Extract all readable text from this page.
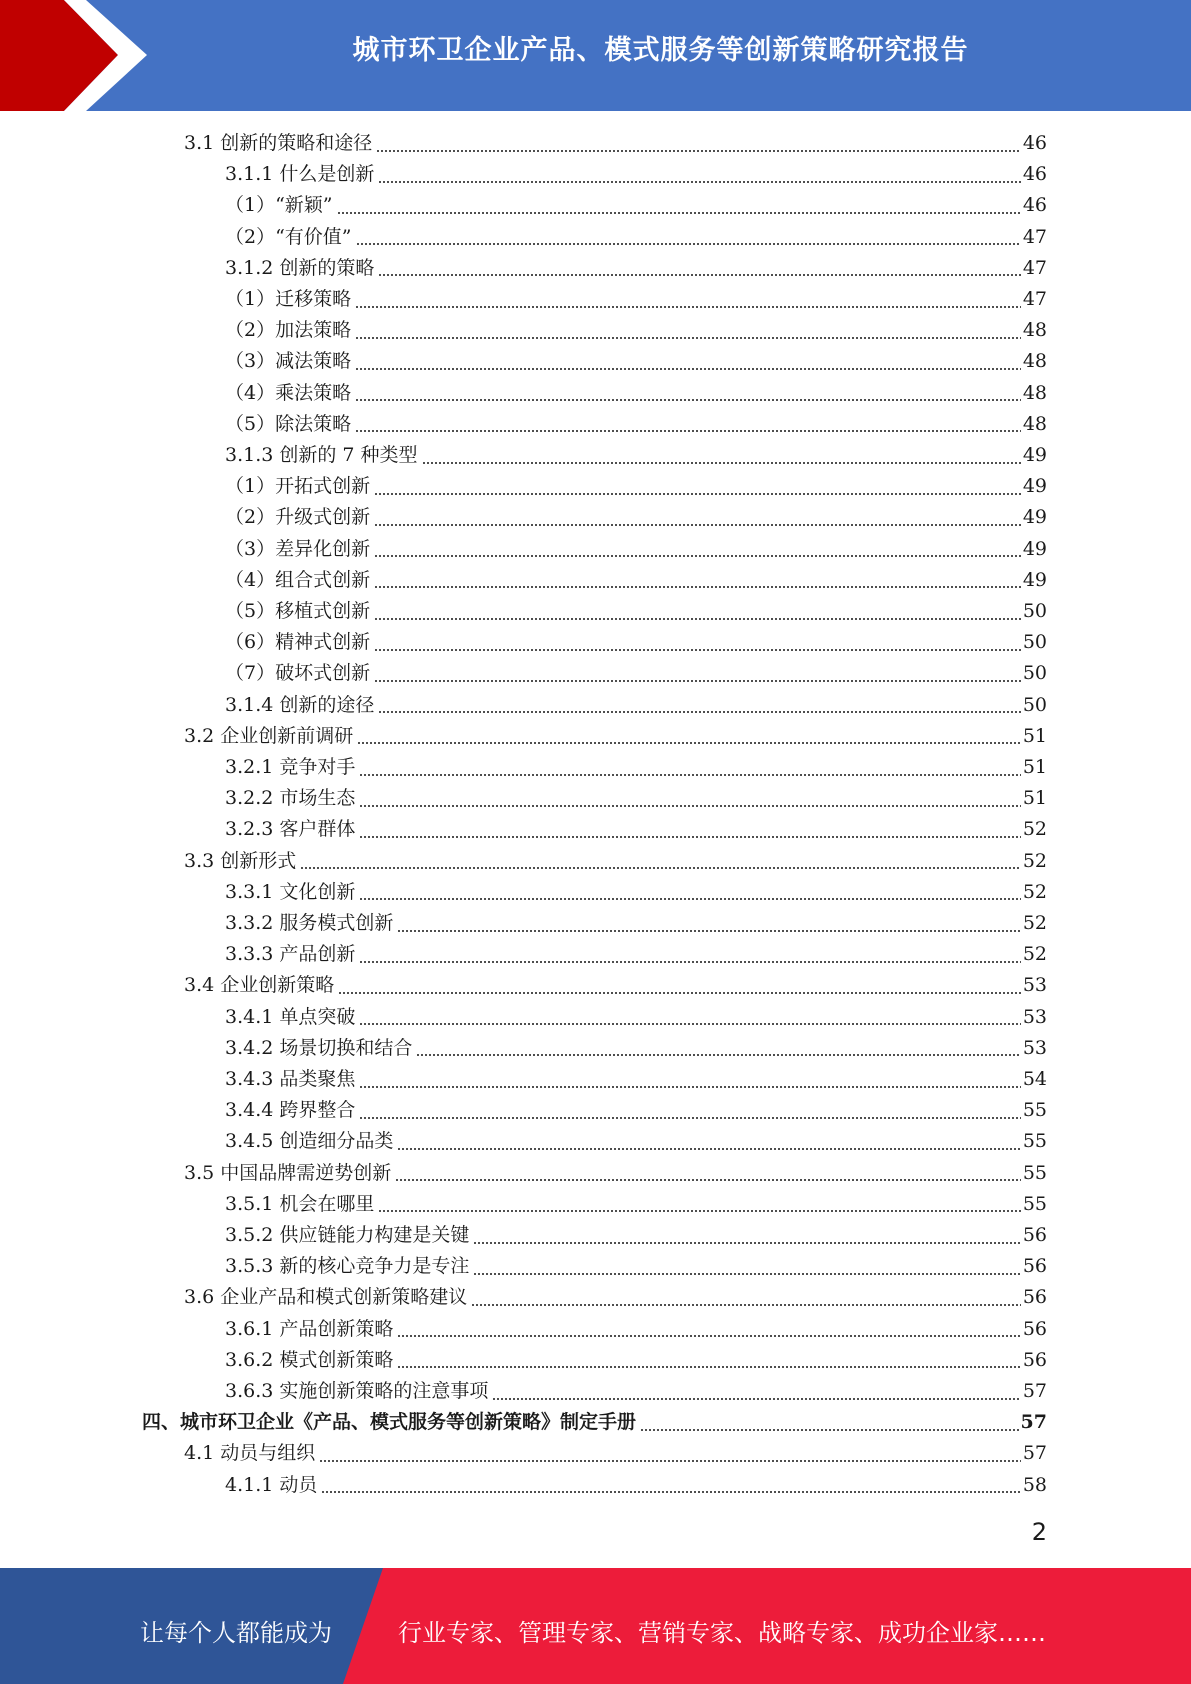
城市环卫企业产品、模式服务等创新策略研究报告
3.1 创新的策略和途径	46
3.1.1 什么是创新	46
（1）“新颖”	46
（2）“有价值”	47
3.1.2 创新的策略	47
（1）迁移策略	47
（2）加法策略	48
（3）减法策略	48
（4）乘法策略	48
（5）除法策略	48
3.1.3 创新的 7 种类型	49
（1）开拓式创新	49
（2）升级式创新	49
（3）差异化创新	49
（4）组合式创新	49
（5）移植式创新	50
（6）精神式创新	50
（7）破坏式创新	50
3.1.4 创新的途径	50
3.2 企业创新前调研	51
3.2.1 竞争对手	51
3.2.2 市场生态	51
3.2.3 客户群体	52
3.3 创新形式	52
3.3.1 文化创新	52
3.3.2 服务模式创新	52
3.3.3 产品创新	52
3.4 企业创新策略	53
3.4.1 单点突破	53
3.4.2 场景切换和结合	53
3.4.3 品类聚焦	54
3.4.4 跨界整合	55
3.4.5 创造细分品类	55
3.5 中国品牌需逆势创新	55
3.5.1 机会在哪里	55
3.5.2 供应链能力构建是关键	56
3.5.3 新的核心竞争力是专注	56
3.6 企业产品和模式创新策略建议	56
3.6.1 产品创新策略	56
3.6.2 模式创新策略	56
3.6.3 实施创新策略的注意事项	57
四、城市环卫企业《产品、模式服务等创新策略》制定手册	57
4.1 动员与组织	57
4.1.1 动员	58
2
让每个人都能成为	行业专家、管理专家、营销专家、战略专家、成功企业家……
